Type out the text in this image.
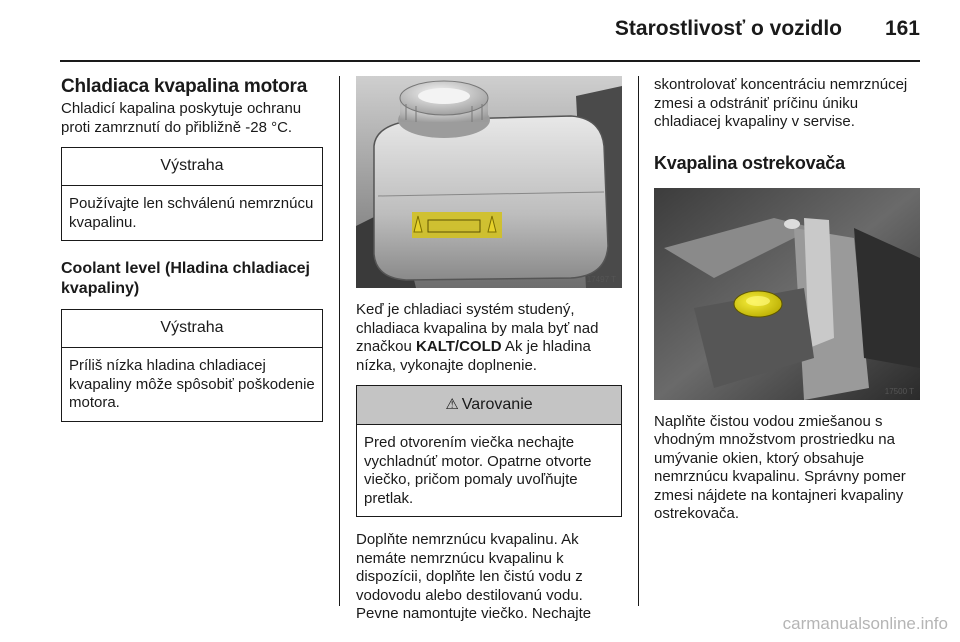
Starostlivosť o vozidlo 161
Chladiaca kvapalina motora

Chladicí kapalina poskytuje ochranu proti zamrznutí do přibližně -28 °C.

Výstraha
Používajte len schválenú nemrznúcu kvapalinu.
Coolant level (Hladina chladiacej kvapaliny)
Výstraha
Príliš nízka hladina chladiacej kvapaliny môže spôsobiť poškodenie motora.
17497 T

Keď je chladiaci systém studený, chladiaca kvapalina by mala byť nad značkou KALT/COLD Ak je hladina nízka, vykonajte doplnenie.

⚠ Varovanie
Pred otvorením viečka nechajte vychladnúť motor. Opatrne otvorte viečko, pričom pomaly uvoľňujte pretlak.

Doplňte nemrznúcu kvapalinu. Ak nemáte nemrznúcu kvapalinu k dispozícii, doplňte len čistú vodu z vodovodu alebo destilovanú vodu. Pevne namontujte viečko. Nechajte

skontrolovať koncentráciu nemrznúcej zmesi a odstrániť príčinu úniku chladiacej kvapaliny v servise.

Kvapalina ostrekovača
17500 T

Naplňte čistou vodou zmiešanou s vhodným množstvom prostriedku na umývanie okien, ktorý obsahuje nemrznúcu kvapalinu. Správny pomer zmesi nájdete na kontajneri kvapaliny ostrekovača.

carmanualsonline.info
